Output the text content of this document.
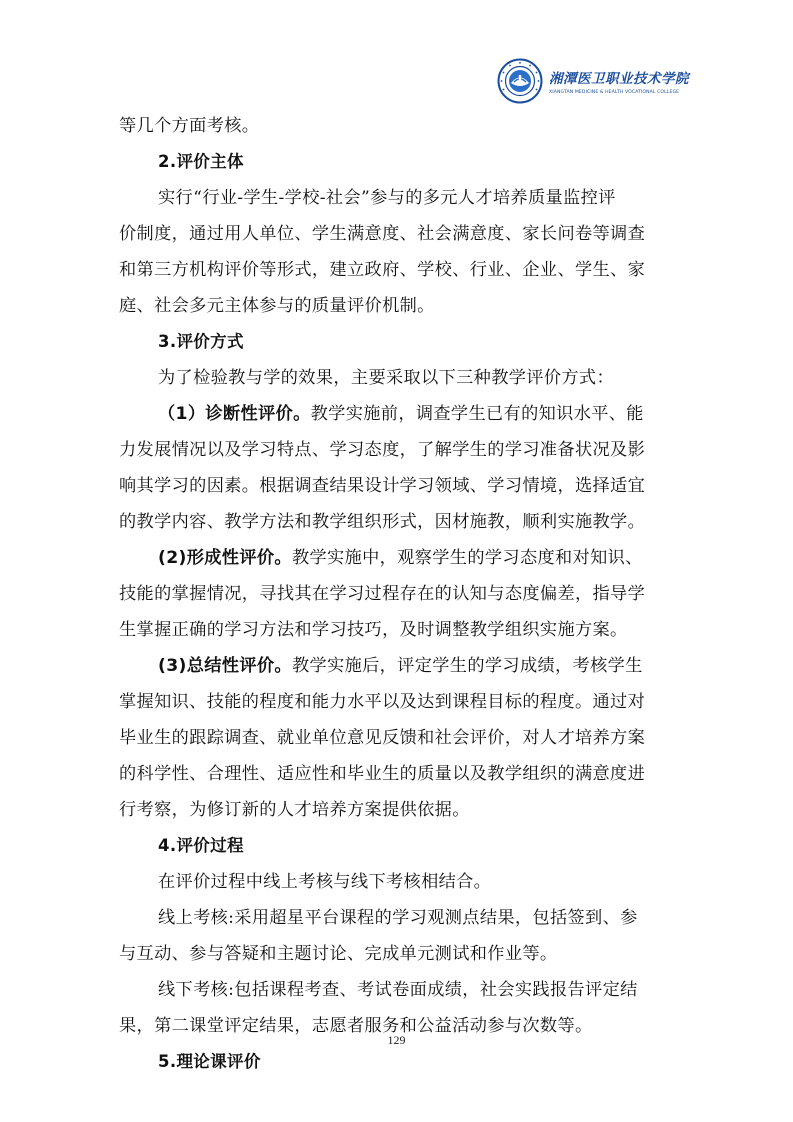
湘潭医卫职业技术学院
XIANGTAN MEDICINE & HEALTH VOCATIONAL COLLEGE
等几个方面考核。
2.评价主体
实行“行业-学生-学校-社会”参与的多元人才培养质量监控评
价制度，通过用人单位、学生满意度、社会满意度、家长问卷等调查
和第三方机构评价等形式，建立政府、学校、行业、企业、学生、家
庭、社会多元主体参与的质量评价机制。
3.评价方式
为了检验教与学的效果，主要采取以下三种教学评价方式：
（1）诊断性评价。教学实施前，调查学生已有的知识水平、能
力发展情况以及学习特点、学习态度，了解学生的学习准备状况及影
响其学习的因素。根据调查结果设计学习领域、学习情境，选择适宜
的教学内容、教学方法和教学组织形式，因材施教，顺利实施教学。
(2)形成性评价。教学实施中，观察学生的学习态度和对知识、
技能的掌握情况，寻找其在学习过程存在的认知与态度偏差，指导学
生掌握正确的学习方法和学习技巧，及时调整教学组织实施方案。
(3)总结性评价。教学实施后，评定学生的学习成绩，考核学生
掌握知识、技能的程度和能力水平以及达到课程目标的程度。通过对
毕业生的跟踪调查、就业单位意见反馈和社会评价，对人才培养方案
的科学性、合理性、适应性和毕业生的质量以及教学组织的满意度进
行考察，为修订新的人才培养方案提供依据。
4.评价过程
在评价过程中线上考核与线下考核相结合。
线上考核:采用超星平台课程的学习观测点结果，包括签到、参
与互动、参与答疑和主题讨论、完成单元测试和作业等。
线下考核:包括课程考查、考试卷面成绩，社会实践报告评定结
果，第二课堂评定结果，志愿者服务和公益活动参与次数等。
5.理论课评价
129
